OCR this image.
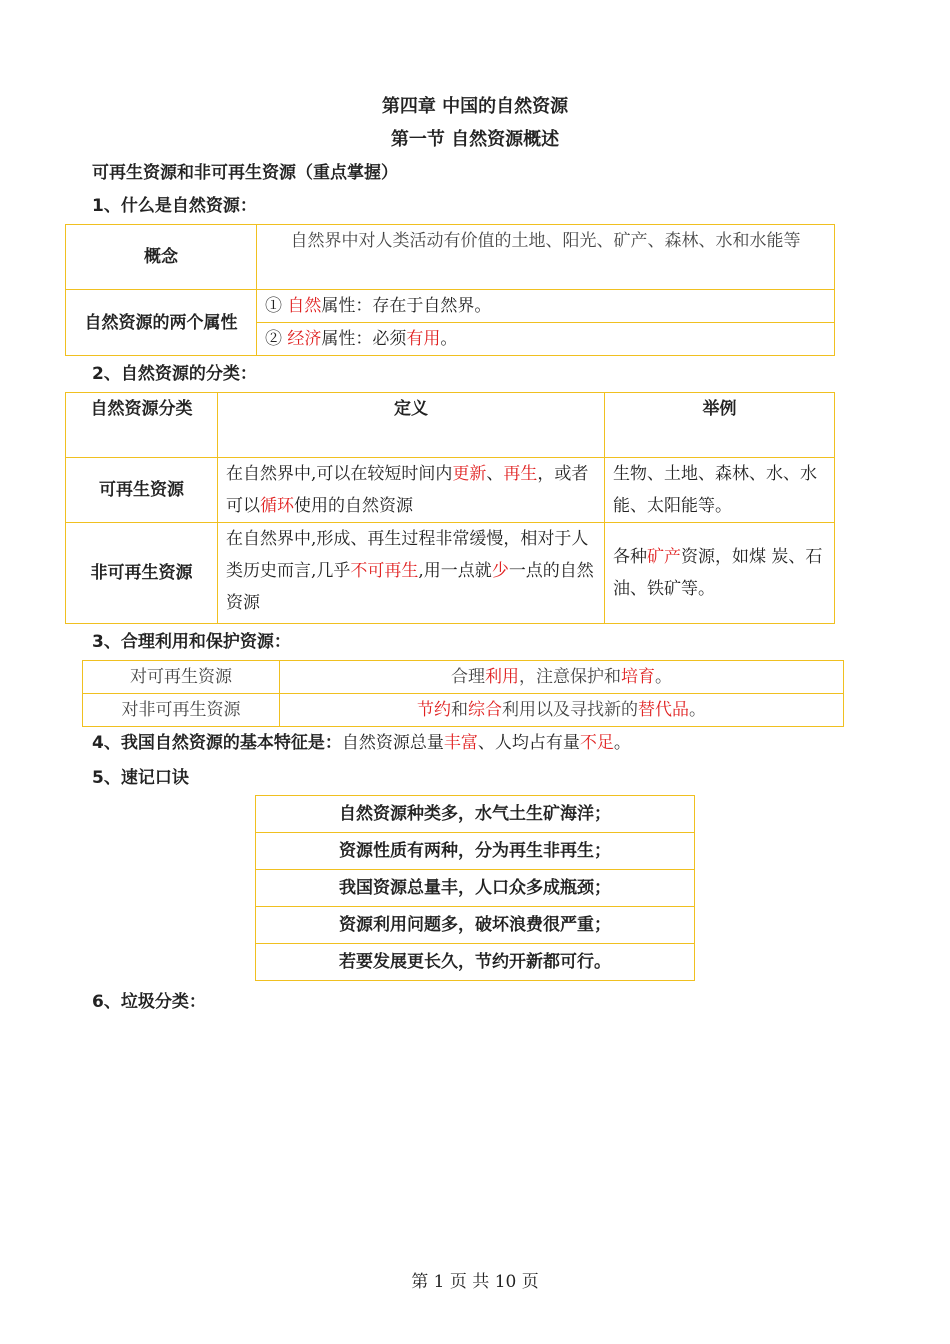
第四章 中国的自然资源
第一节 自然资源概述
可再生资源和非可再生资源（重点掌握）
1、什么是自然资源：
概念	自然界中对人类活动有价值的土地、阳光、矿产、森林、水和水能等
自然资源的两个属性	① 自然属性：存在于自然界。
	② 经济属性：必须有用。
2、自然资源的分类：
自然资源分类	定义	举例
可再生资源	在自然界中,可以在较短时间内更新、再生，或者可以循环使用的自然资源	生物、土地、森林、水、水能、太阳能等。
非可再生资源	在自然界中,形成、再生过程非常缓慢，相对于人类历史而言,几乎不可再生,用一点就少一点的自然资源	各种矿产资源，如煤 炭、石油、铁矿等。
3、合理利用和保护资源：
对可再生资源	合理利用，注意保护和培育。
对非可再生资源	节约和综合利用以及寻找新的替代品。
4、我国自然资源的基本特征是：自然资源总量丰富、人均占有量不足。
5、速记口诀
自然资源种类多，水气土生矿海洋；
资源性质有两种，分为再生非再生；
我国资源总量丰，人口众多成瓶颈；
资源利用问题多，破坏浪费很严重；
若要发展更长久，节约开新都可行。
6、垃圾分类：
第 1 页 共 10 页
